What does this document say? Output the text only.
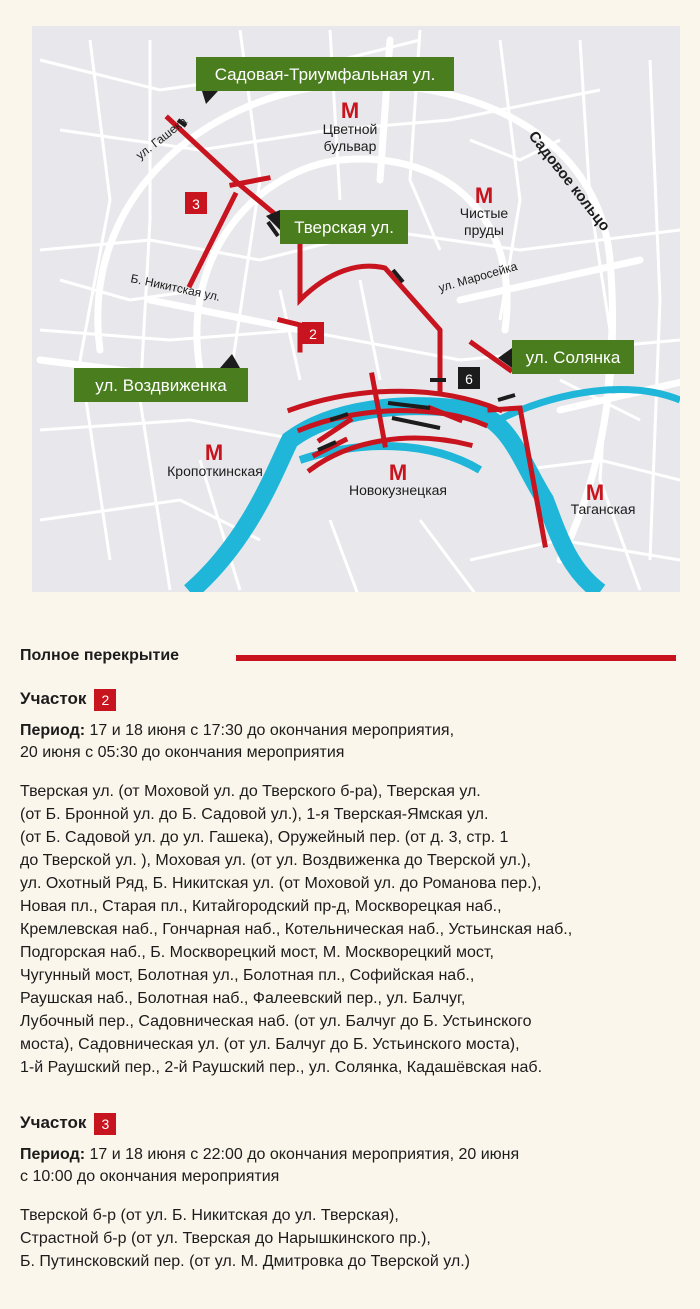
М
Цветной
бульвар
М
Чистые
пруды
М
Кропоткинская	М
Новокузнецкая	М
Таганская
ул. Гашека
Б. Никитская ул.	ул. Маросейка
Садовое кольцо
Садовая-Триумфальная ул.
Тверская ул.
ул. Воздвиженка
ул. Солянка
3
2
6
Полное перекрытие
Участок 2
Период: 17 и 18 июня с 17:30 до окончания мероприятия,
20 июня с 05:30 до окончания мероприятия
Тверская ул. (от Моховой ул. до Тверского б-ра), Тверская ул.
(от Б. Бронной ул. до Б. Садовой ул.), 1-я Тверская-Ямская ул.
(от Б. Садовой ул. до ул. Гашека), Оружейный пер. (от д. 3, стр. 1
до Тверской ул. ), Моховая ул. (от ул. Воздвиженка до Тверской ул.),
ул. Охотный Ряд, Б. Никитская ул. (от Моховой ул. до Романова пер.),
Новая пл., Старая пл., Китайгородский пр-д, Москворецкая наб.,
Кремлевская наб., Гончарная наб., Котельническая наб., Устьинская наб.,
Подгорская наб., Б. Москворецкий мост, М. Москворецкий мост,
Чугунный мост, Болотная ул., Болотная пл., Софийская наб.,
Раушская наб., Болотная наб., Фалеевский пер., ул. Балчуг,
Лубочный пер., Садовническая наб. (от ул. Балчуг до Б. Устьинского
моста), Садовническая ул. (от ул. Балчуг до Б. Устьинского моста),
1-й Раушский пер., 2-й Раушский пер., ул. Солянка, Кадашёвская наб.
Участок 3
Период: 17 и 18 июня с 22:00 до окончания мероприятия, 20 июня
с 10:00 до окончания мероприятия
Тверской б-р (от ул. Б. Никитская до ул. Тверская),
Страстной б-р (от ул. Тверская до Нарышкинского пр.),
Б. Путинсковский пер. (от ул. М. Дмитровка до Тверской ул.)
